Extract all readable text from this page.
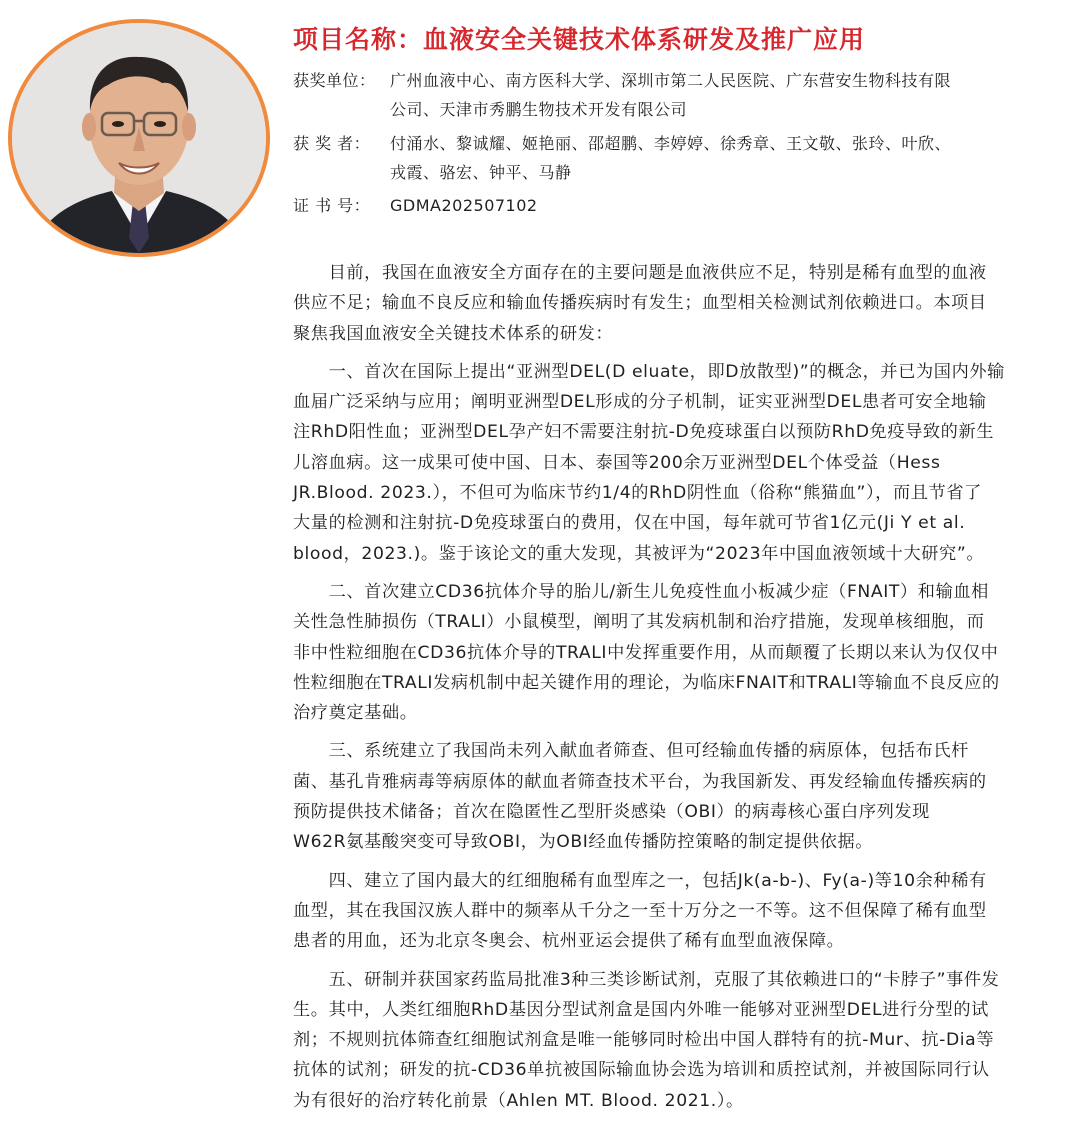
项目名称：血液安全关键技术体系研发及推广应用
获奖单位： 广州血液中心、南方医科大学、深圳市第二人民医院、广东营安生物科技有限
公司、天津市秀鹏生物技术开发有限公司
获 奖 者： 付涌水、黎诚耀、姬艳丽、邵超鹏、李婷婷、徐秀章、王文敬、张玲、叶欣、
戎霞、骆宏、钟平、马静
证 书 号： GDMA202507102
　　目前，我国在血液安全方面存在的主要问题是血液供应不足，特别是稀有血型的血液
供应不足；输血不良反应和输血传播疾病时有发生；血型相关检测试剂依赖进口。本项目
聚焦我国血液安全关键技术体系的研发：
　　一、首次在国际上提出“亚洲型DEL(D eluate，即D放散型)”的概念，并已为国内外输
血届广泛采纳与应用；阐明亚洲型DEL形成的分子机制，证实亚洲型DEL患者可安全地输
注RhD阳性血；亚洲型DEL孕产妇不需要注射抗-D免疫球蛋白以预防RhD免疫导致的新生
儿溶血病。这一成果可使中国、日本、泰国等200余万亚洲型DEL个体受益（Hess
JR.Blood. 2023.），不但可为临床节约1/4的RhD阴性血（俗称“熊猫血”），而且节省了
大量的检测和注射抗-D免疫球蛋白的费用，仅在中国，每年就可节省1亿元(Ji Y et al.
blood，2023.)。鉴于该论文的重大发现，其被评为“2023年中国血液领域十大研究”。
　　二、首次建立CD36抗体介导的胎儿/新生儿免疫性血小板减少症（FNAIT）和输血相
关性急性肺损伤（TRALI）小鼠模型，阐明了其发病机制和治疗措施，发现单核细胞，而
非中性粒细胞在CD36抗体介导的TRALI中发挥重要作用，从而颠覆了长期以来认为仅仅中
性粒细胞在TRALI发病机制中起关键作用的理论，为临床FNAIT和TRALI等输血不良反应的
治疗奠定基础。
　　三、系统建立了我国尚未列入献血者筛查、但可经输血传播的病原体，包括布氏杆
菌、基孔肯雅病毒等病原体的献血者筛查技术平台，为我国新发、再发经输血传播疾病的
预防提供技术储备；首次在隐匿性乙型肝炎感染（OBI）的病毒核心蛋白序列发现
W62R氨基酸突变可导致OBI，为OBI经血传播防控策略的制定提供依据。
　　四、建立了国内最大的红细胞稀有血型库之一，包括Jk(a-b-)、Fy(a-)等10余种稀有
血型，其在我国汉族人群中的频率从千分之一至十万分之一不等。这不但保障了稀有血型
患者的用血，还为北京冬奥会、杭州亚运会提供了稀有血型血液保障。
　　五、研制并获国家药监局批准3种三类诊断试剂，克服了其依赖进口的“卡脖子”事件发
生。其中，人类红细胞RhD基因分型试剂盒是国内外唯一能够对亚洲型DEL进行分型的试
剂；不规则抗体筛查红细胞试剂盒是唯一能够同时检出中国人群特有的抗-Mur、抗-Dia等
抗体的试剂；研发的抗-CD36单抗被国际输血协会选为培训和质控试剂，并被国际同行认
为有很好的治疗转化前景（Ahlen MT. Blood. 2021.）。
